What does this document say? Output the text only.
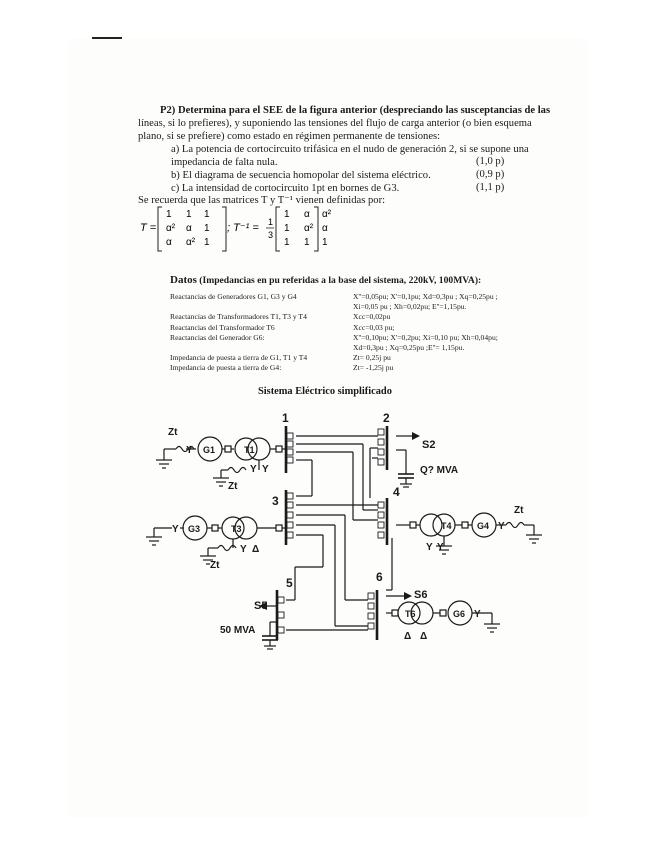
P2) Determina para el SEE de la figura anterior (despreciando las susceptancias de las
líneas, si lo prefieres), y suponiendo las tensiones del flujo de carga anterior (o bien esquema
plano, si se prefiere) como estado en régimen permanente de tensiones:
a) La potencia de cortocircuito trifásica en el nudo de generación 2, si se supone una
impedancia de falta nula.	(1,0 p)
b) El diagrama de secuencia homopolar del sistema eléctrico.	(0,9 p)
c) La intensidad de cortocircuito 1pt en bornes de G3.	(1,1 p)
Se recuerda que las matrices T y T⁻¹ vienen definidas por:
T =
1 1 1
α² α 1
α α² 1
; T⁻¹ = 1
3
1 α α²
1 α² α
1 1 1
Datos (Impedancias en pu referidas a la base del sistema, 220kV, 100MVA):
Reactancias de Generadores G1, G3 y G4	X''=0,05pu; X'=0,1pu; Xd=0,3pu ; Xq=0,25pu ;
Xi=0,05 pu ; Xh=0,02pu; E''=1,15pu.
Reactancias de Transformadores T1, T3 y T4	Xcc=0,02pu
Reactancias del Transformador T6	Xcc=0,03 pu;
Reactancias del Generador G6:	X''=0,10pu; X'=0,2pu; Xi=0,10 pu; Xh=0,04pu;
Xd=0,3pu ; Xq=0,25pu ;E''= 1,15pu.
Impedancia de puesta a tierra de G1, T1 y T4	Zt= 0,25j pu
Impedancia de puesta a tierra de G4:	Zt= -1,25j pu
Sistema Eléctrico simplificado
1	2
3
4
5	6
G1
G3	G4
G6
T1
T3	T4
T6
S2
S6
S5
Q? MVA
50 MVA
Zt
Zt
Zt
Zt
Y
Y Y
Y
Y Δ	Y Y
Y
Δ Δ
Y
